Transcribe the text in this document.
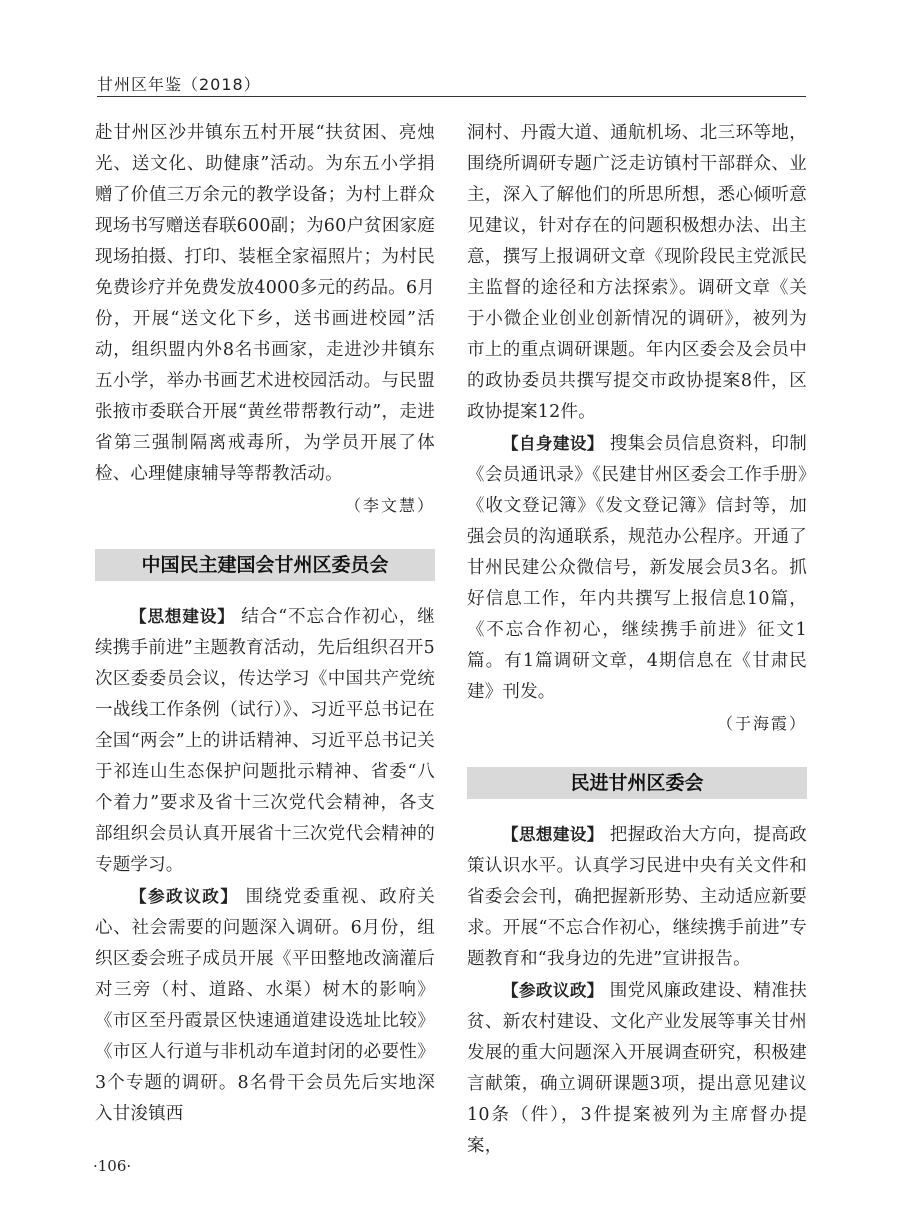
甘州区年鉴（2018）

赴甘州区沙井镇东五村开展“扶贫困、亮烛光、送文化、助健康”活动。为东五小学捐赠了价值三万余元的教学设备；为村上群众现场书写赠送春联600副；为60户贫困家庭现场拍摄、打印、装框全家福照片；为村民免费诊疗并免费发放4000多元的药品。6月份，开展“送文化下乡，送书画进校园”活动，组织盟内外8名书画家，走进沙井镇东五小学，举办书画艺术进校园活动。与民盟张掖市委联合开展“黄丝带帮教行动”，走进省第三强制隔离戒毒所，为学员开展了体检、心理健康辅导等帮教活动。

（李文慧）

中国民主建国会甘州区委员会

【思想建设】 结合“不忘合作初心，继续携手前进”主题教育活动，先后组织召开5次区委委员会议，传达学习《中国共产党统一战线工作条例（试行）》、习近平总书记在全国“两会”上的讲话精神、习近平总书记关于祁连山生态保护问题批示精神、省委“八个着力”要求及省十三次党代会精神，各支部组织会员认真开展省十三次党代会精神的专题学习。

【参政议政】 围绕党委重视、政府关心、社会需要的问题深入调研。6月份，组织区委会班子成员开展《平田整地改滴灌后对三旁（村、道路、水渠）树木的影响》《市区至丹霞景区快速通道建设选址比较》《市区人行道与非机动车道封闭的必要性》3个专题的调研。8名骨干会员先后实地深入甘浚镇西

洞村、丹霞大道、通航机场、北三环等地，围绕所调研专题广泛走访镇村干部群众、业主，深入了解他们的所思所想，悉心倾听意见建议，针对存在的问题积极想办法、出主意，撰写上报调研文章《现阶段民主党派民主监督的途径和方法探索》。调研文章《关于小微企业创业创新情况的调研》，被列为市上的重点调研课题。年内区委会及会员中的政协委员共撰写提交市政协提案8件，区政协提案12件。

【自身建设】 搜集会员信息资料，印制《会员通讯录》《民建甘州区委会工作手册》《收文登记簿》《发文登记簿》信封等，加强会员的沟通联系，规范办公程序。开通了甘州民建公众微信号，新发展会员3名。抓好信息工作，年内共撰写上报信息10篇，《不忘合作初心，继续携手前进》征文1篇。有1篇调研文章，4期信息在《甘肃民建》刊发。

（于海霞）

民进甘州区委会

【思想建设】 把握政治大方向，提高政策认识水平。认真学习民进中央有关文件和省委会会刊，确把握新形势、主动适应新要求。开展“不忘合作初心，继续携手前进”专题教育和“我身边的先进”宣讲报告。

【参政议政】 围党风廉政建设、精准扶贫、新农村建设、文化产业发展等事关甘州发展的重大问题深入开展调查研究，积极建言献策，确立调研课题3项，提出意见建议10条（件），3件提案被列为主席督办提案，

·106·
